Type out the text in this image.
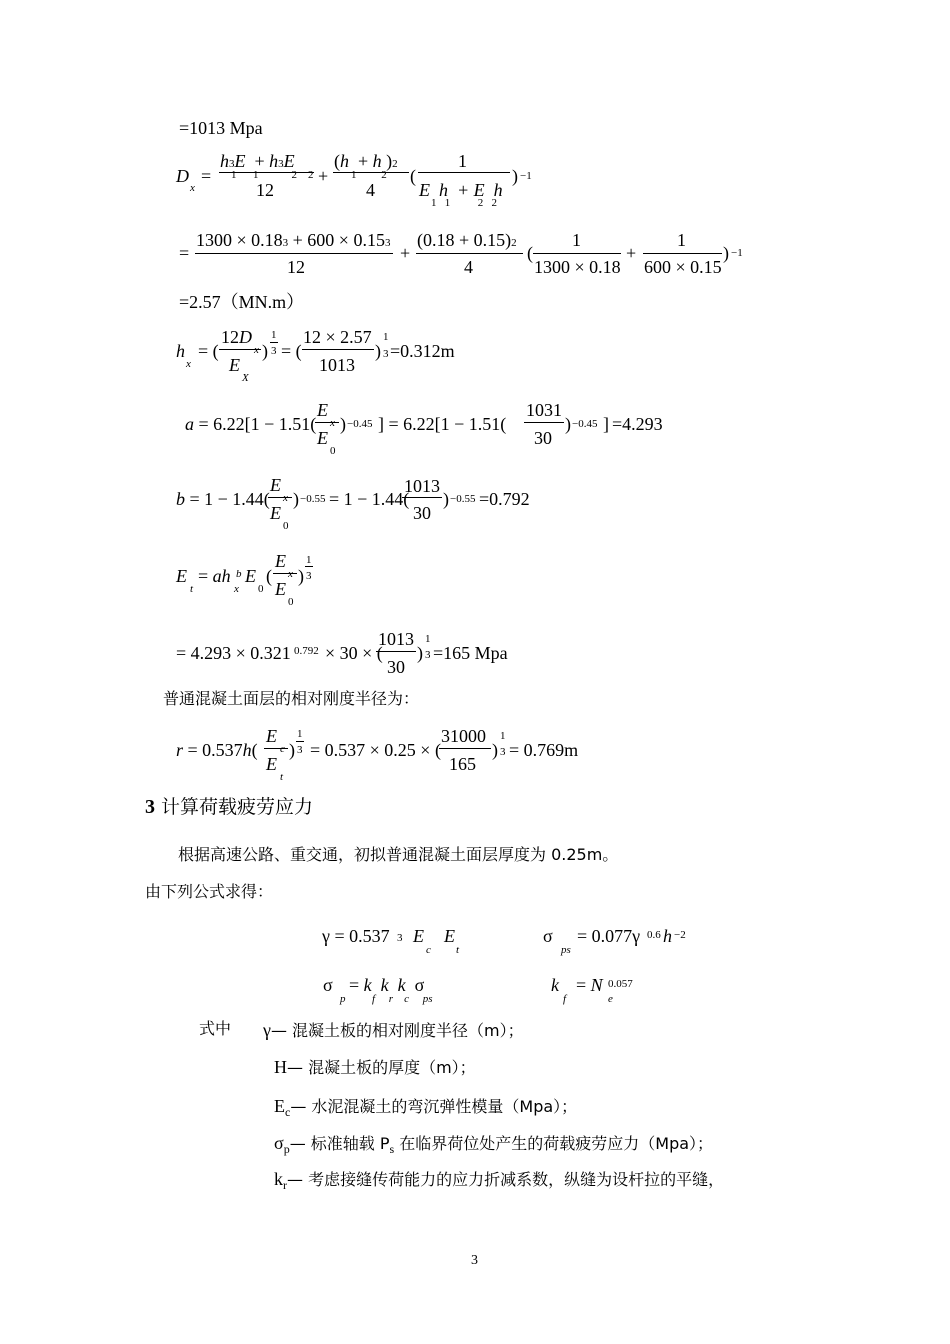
=1013 Mpa
D
x
=
h3E  + h3E
1      1            2    2
12
+
(h  + h )2
1         2
4
(
1
E  h  + E  h
1   1          2   2
) −1
=
1300 × 0.183 + 600 × 0.153
12
+
(0.18 + 0.15)2
4
(
1
1300 × 0.18
+
1
600 × 0.15
) −1
=2.57（MN.m）
h
x
= (
12D
x
E
X
)
1
3 = (
12 × 2.57
1013
)
1
3 =0.312m
a = 6.22[1 − 1.51(
E
x
E
0
) −0.45 ] = 6.22[1 − 1.51(
1031
30
) −0.45 ] =4.293
b = 1 − 1.44(
E
x
E
0
) −0.55 = 1 − 1.44(
1013
30
) −0.55 =0.792
E
t
= ah b E
x 0
(
E
x
E
0
)
1
3
= 4.293 × 0.321 0.792 × 30 × (
1013
30
)
1
3 =165 Mpa
普通混凝土面层的相对刚度半径为：
r = 0.537h(
E
c
E
t
)
1
3 = 0.537 × 0.25 × (
31000
165
)
1
3 = 0.769m
3 计算荷载疲劳应力
根据高速公路、重交通，初拟普通混凝土面层厚度为 0.25m。
由下列公式求得：
γ = 0.537 3 E
c
E
t
σ
ps
= 0.077γ 0.6 h −2
σ
p
= k k k  σ
f     r    c     ps
k
f
= N 0.057
e
式中 γ— 混凝土板的相对刚度半径（m）；
H— 混凝土板的厚度（m）；
$E_c—$ 水泥混凝土的弯沉弹性模量（Mpa）；
$\sigma_p—$ 标准轴载 $P_s$ 在临界荷位处产生的荷载疲劳应力（Mpa）；
$k_r—$ 考虑接缝传荷能力的应力折减系数，纵缝为设杆拉的平缝，
3
